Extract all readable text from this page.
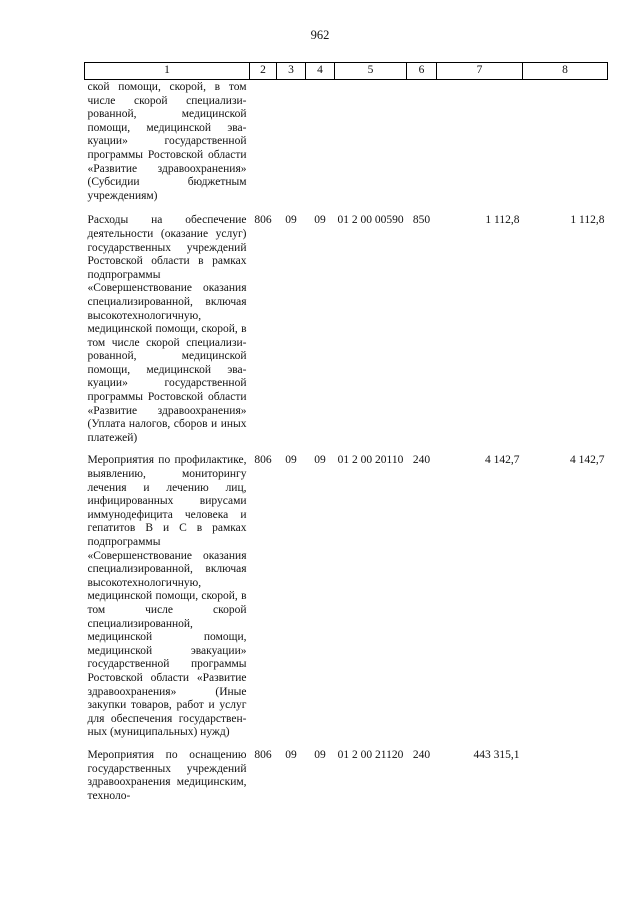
962
1	2	3	4	5	6	7	8
ской помощи, скорой, в том числе скорой специализированной, медицинской помощи, медицинской эвакуации» государственной программы Ростовской области «Развитие здравоохранения» (Субсидии бюджетным учреждениям)							
Расходы на обеспечение деятельности (оказание услуг) государственных учреждений Ростовской области в рамках подпрограммы «Совершенствование оказания специализированной, включая высокотехнологичную, медицинской помощи, скорой, в том числе скорой специализированной, медицинской помощи, медицинской эвакуации» государственной программы Ростовской области «Развитие здравоохранения» (Уплата налогов, сборов и иных платежей)	806	09	09	01 2 00 00590	850	1 112,8	1 112,8
Мероприятия по профилактике, выявлению, мониторингу лечения и лечению лиц, инфицированных вирусами иммунодефицита человека и гепатитов B и C в рамках подпрограммы «Совершенствование оказания специализированной, включая высокотехнологичную, медицинской помощи, скорой, в том числе скорой специализированной, медицинской помощи, медицинской эвакуации» государственной программы Ростовской области «Развитие здравоохранения» (Иные закупки товаров, работ и услуг для обеспечения государственных (муниципальных) нужд)	806	09	09	01 2 00 20110	240	4 142,7	4 142,7
Мероприятия по оснащению государственных учреждений здравоохранения медицинским, техноло-	806	09	09	01 2 00 21120	240	443 315,1	
